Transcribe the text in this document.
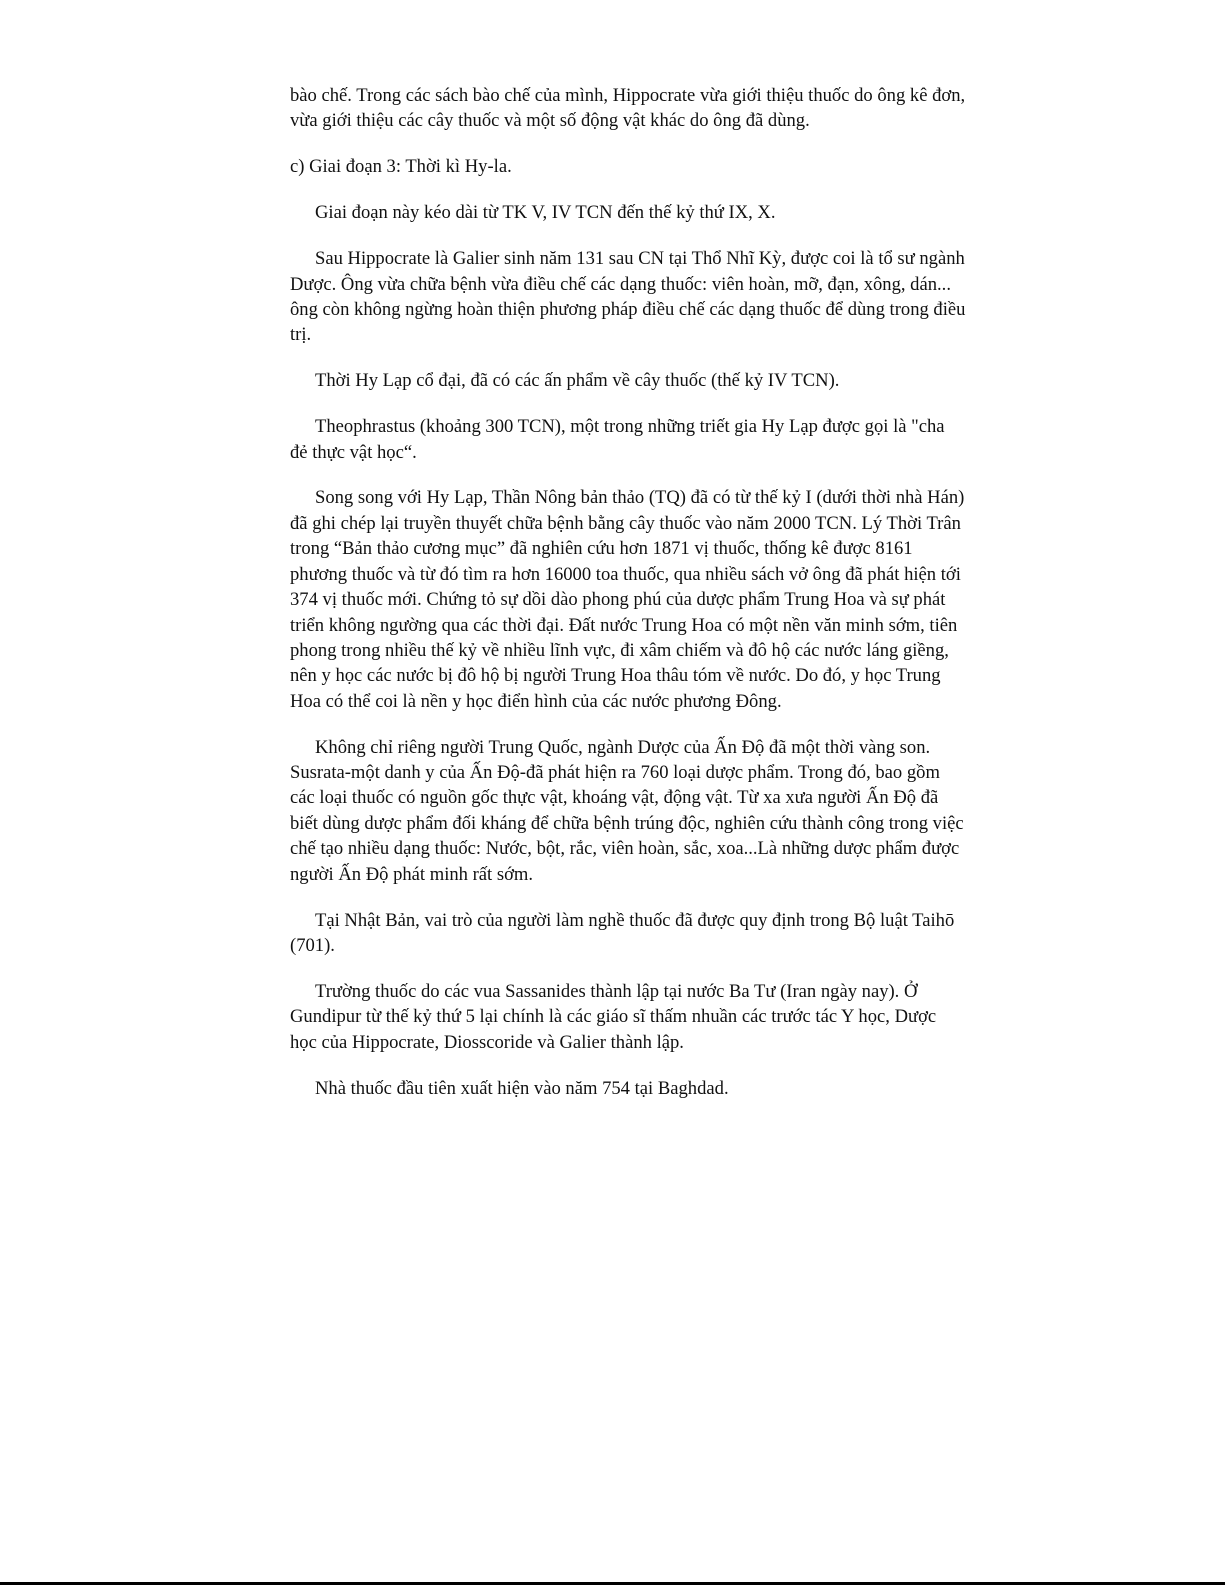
bào chế. Trong các sách bào chế của mình, Hippocrate vừa giới thiệu thuốc do ông kê đơn, vừa giới thiệu các cây thuốc và một số động vật khác do ông đã dùng.

c) Giai đoạn 3: Thời kì Hy-la.

Giai đoạn này kéo dài từ TK V, IV TCN đến thế kỷ thứ IX, X.

Sau Hippocrate là Galier sinh năm 131 sau CN tại Thổ Nhĩ Kỳ, được coi là tổ sư ngành Dược. Ông vừa chữa bệnh vừa điều chế các dạng thuốc: viên hoàn, mỡ, đạn, xông, dán... ông còn không ngừng hoàn thiện phương pháp điều chế các dạng thuốc để dùng trong điều trị.

Thời Hy Lạp cổ đại, đã có các ấn phẩm về cây thuốc (thế kỷ IV TCN).

Theophrastus (khoảng 300 TCN), một trong những triết gia Hy Lạp được gọi là "cha đẻ thực vật học“.

Song song với Hy Lạp, Thần Nông bản thảo (TQ) đã có từ thế kỷ I (dưới thời nhà Hán) đã ghi chép lại truyền thuyết chữa bệnh bằng cây thuốc vào năm 2000 TCN. Lý Thời Trân trong “Bản thảo cương mục” đã nghiên cứu hơn 1871 vị thuốc, thống kê được 8161 phương thuốc và từ đó tìm ra hơn 16000 toa thuốc, qua nhiều sách vở ông đã phát hiện tới 374 vị thuốc mới. Chứng tỏ sự dồi dào phong phú của dược phẩm Trung Hoa và sự phát triển không ngường qua các thời đại. Đất nước Trung Hoa có một nền văn minh sớm, tiên phong trong nhiều thế kỷ về nhiều lĩnh vực, đi xâm chiếm và đô hộ các nước láng giềng, nên y học các nước bị đô hộ bị người Trung Hoa thâu tóm về nước. Do đó, y học Trung Hoa có thể coi là nền y học điển hình của các nước phương Đông.

Không chỉ riêng người Trung Quốc, ngành Dược của Ấn Độ đã một thời vàng son. Susrata-một danh y của Ấn Độ-đã phát hiện ra 760 loại dược phẩm. Trong đó, bao gồm các loại thuốc có nguồn gốc thực vật, khoáng vật, động vật. Từ xa xưa người Ấn Độ đã biết dùng dược phẩm đối kháng để chữa bệnh trúng độc, nghiên cứu thành công trong việc chế tạo nhiều dạng thuốc: Nước, bột, rắc, viên hoàn, sắc, xoa...Là những dược phẩm được người Ấn Độ phát minh rất sớm.

Tại Nhật Bản, vai trò của người làm nghề thuốc đã được quy định trong Bộ luật Taihō (701).

Trường thuốc do các vua Sassanides thành lập tại nước Ba Tư (Iran ngày nay). Ở Gundipur từ thế kỷ thứ 5 lại chính là các giáo sĩ thấm nhuần các trước tác Y học, Dược học của Hippocrate, Diosscoride và Galier thành lập.

Nhà thuốc đầu tiên xuất hiện vào năm 754 tại Baghdad.
